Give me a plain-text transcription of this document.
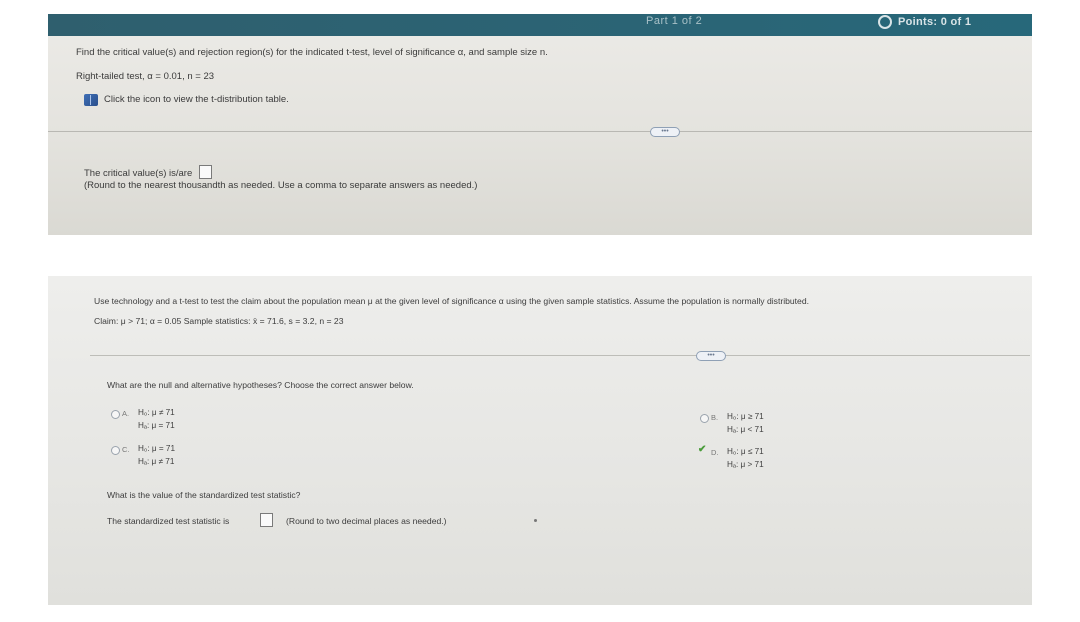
Part 1 of 2	Points: 0 of 1
Find the critical value(s) and rejection region(s) for the indicated t-test, level of significance α, and sample size n.
Right-tailed test, α = 0.01, n = 23
Click the icon to view the t-distribution table.
•••
The critical value(s) is/are
(Round to the nearest thousandth as needed. Use a comma to separate answers as needed.)
Use technology and a t-test to test the claim about the population mean μ at the given level of significance α using the given sample statistics. Assume the population is normally distributed.
Claim: μ > 71; α = 0.05 Sample statistics: x̄ = 71.6, s = 3.2, n = 23
•••
What are the null and alternative hypotheses? Choose the correct answer below.
A. H₀: μ ≠ 71
Hₐ: μ = 71
C. H₀: μ = 71
Hₐ: μ ≠ 71
B. H₀: μ ≥ 71
Hₐ: μ < 71
✔ D. H₀: μ ≤ 71
Hₐ: μ > 71
What is the value of the standardized test statistic?
The standardized test statistic is	(Round to two decimal places as needed.)
